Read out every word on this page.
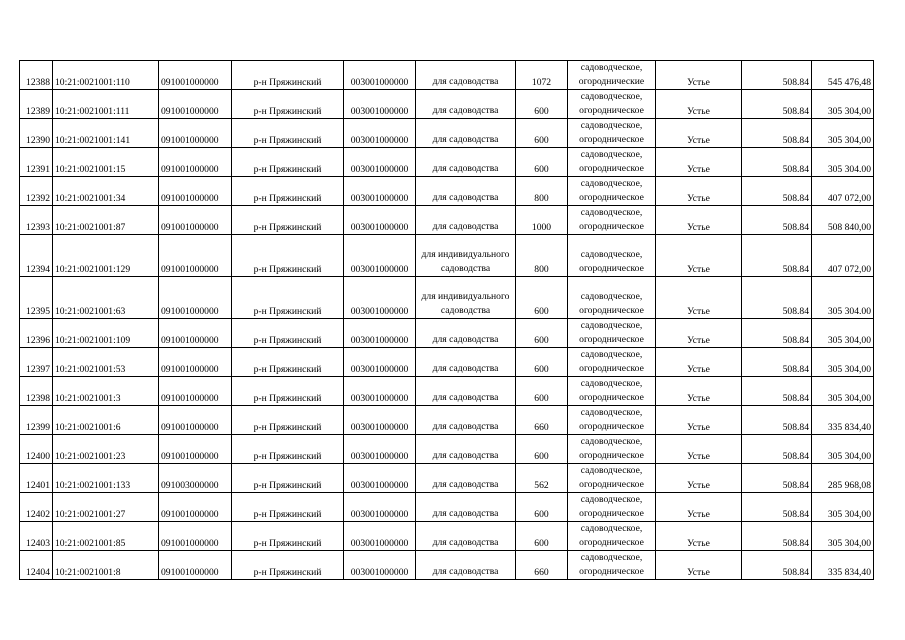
12388	10:21:0021001:110	091001000000	р-н Пряжинский	003001000000	для садоводства	1072	садоводческое, огороднические	Устье	508.84	545 476,48
12389	10:21:0021001:111	091001000000	р-н Пряжинский	003001000000	для садоводства	600	садоводческое, огородническое	Устье	508.84	305 304,00
12390	10:21:0021001:141	091001000000	р-н Пряжинский	003001000000	для садоводства	600	садоводческое, огородническое	Устье	508.84	305 304,00
12391	10:21:0021001:15	091001000000	р-н Пряжинский	003001000000	для садоводства	600	садоводческое, огородническое	Устье	508.84	305 304.00
12392	10:21:0021001:34	091001000000	р-н Пряжинский	003001000000	для садоводства	800	садоводческое, огородническое	Устье	508.84	407 072,00
12393	10:21:0021001:87	091001000000	р-н Пряжинский	003001000000	для садоводства	1000	садоводческое, огородническое	Устье	508.84	508 840,00
12394	10:21:0021001:129	091001000000	р-н Пряжинский	003001000000	для индивидуального садоводства	800	садоводческое, огородническое	Устье	508.84	407 072,00
12395	10:21:0021001:63	091001000000	р-н Пряжинский	003001000000	для индивидуального садоводства	600	садоводческое, огородническое	Устье	508.84	305 304.00
12396	10:21:0021001:109	091001000000	р-н Пряжинский	003001000000	для садоводства	600	садоводческое, огородническое	Устье	508.84	305 304,00
12397	10:21:0021001:53	091001000000	р-н Пряжинский	003001000000	для садоводства	600	садоводческое, огородническое	Устье	508.84	305 304,00
12398	10:21:0021001:3	091001000000	р-н Пряжинский	003001000000	для садоводства	600	садоводческое, огородническое	Устье	508.84	305 304,00
12399	10:21:0021001:6	091001000000	р-н Пряжинский	003001000000	для садоводства	660	садоводческое, огородническое	Устье	508.84	335 834,40
12400	10:21:0021001:23	091001000000	р-н Пряжинский	003001000000	для садоводства	600	садоводческое, огородническое	Устье	508.84	305 304,00
12401	10:21:0021001:133	091003000000	р-н Пряжинский	003001000000	для садоводства	562	садоводческое, огородническое	Устье	508.84	285 968,08
12402	10:21:0021001:27	091001000000	р-н Пряжинский	003001000000	для садоводства	600	садоводческое, огородническое	Устье	508.84	305 304,00
12403	10:21:0021001:85	091001000000	р-н Пряжинский	003001000000	для садоводства	600	садоводческое, огородническое	Устье	508.84	305 304,00
12404	10:21:0021001:8	091001000000	р-н Пряжинский	003001000000	для садоводства	660	садоводческое, огородническое	Устье	508.84	335 834,40
